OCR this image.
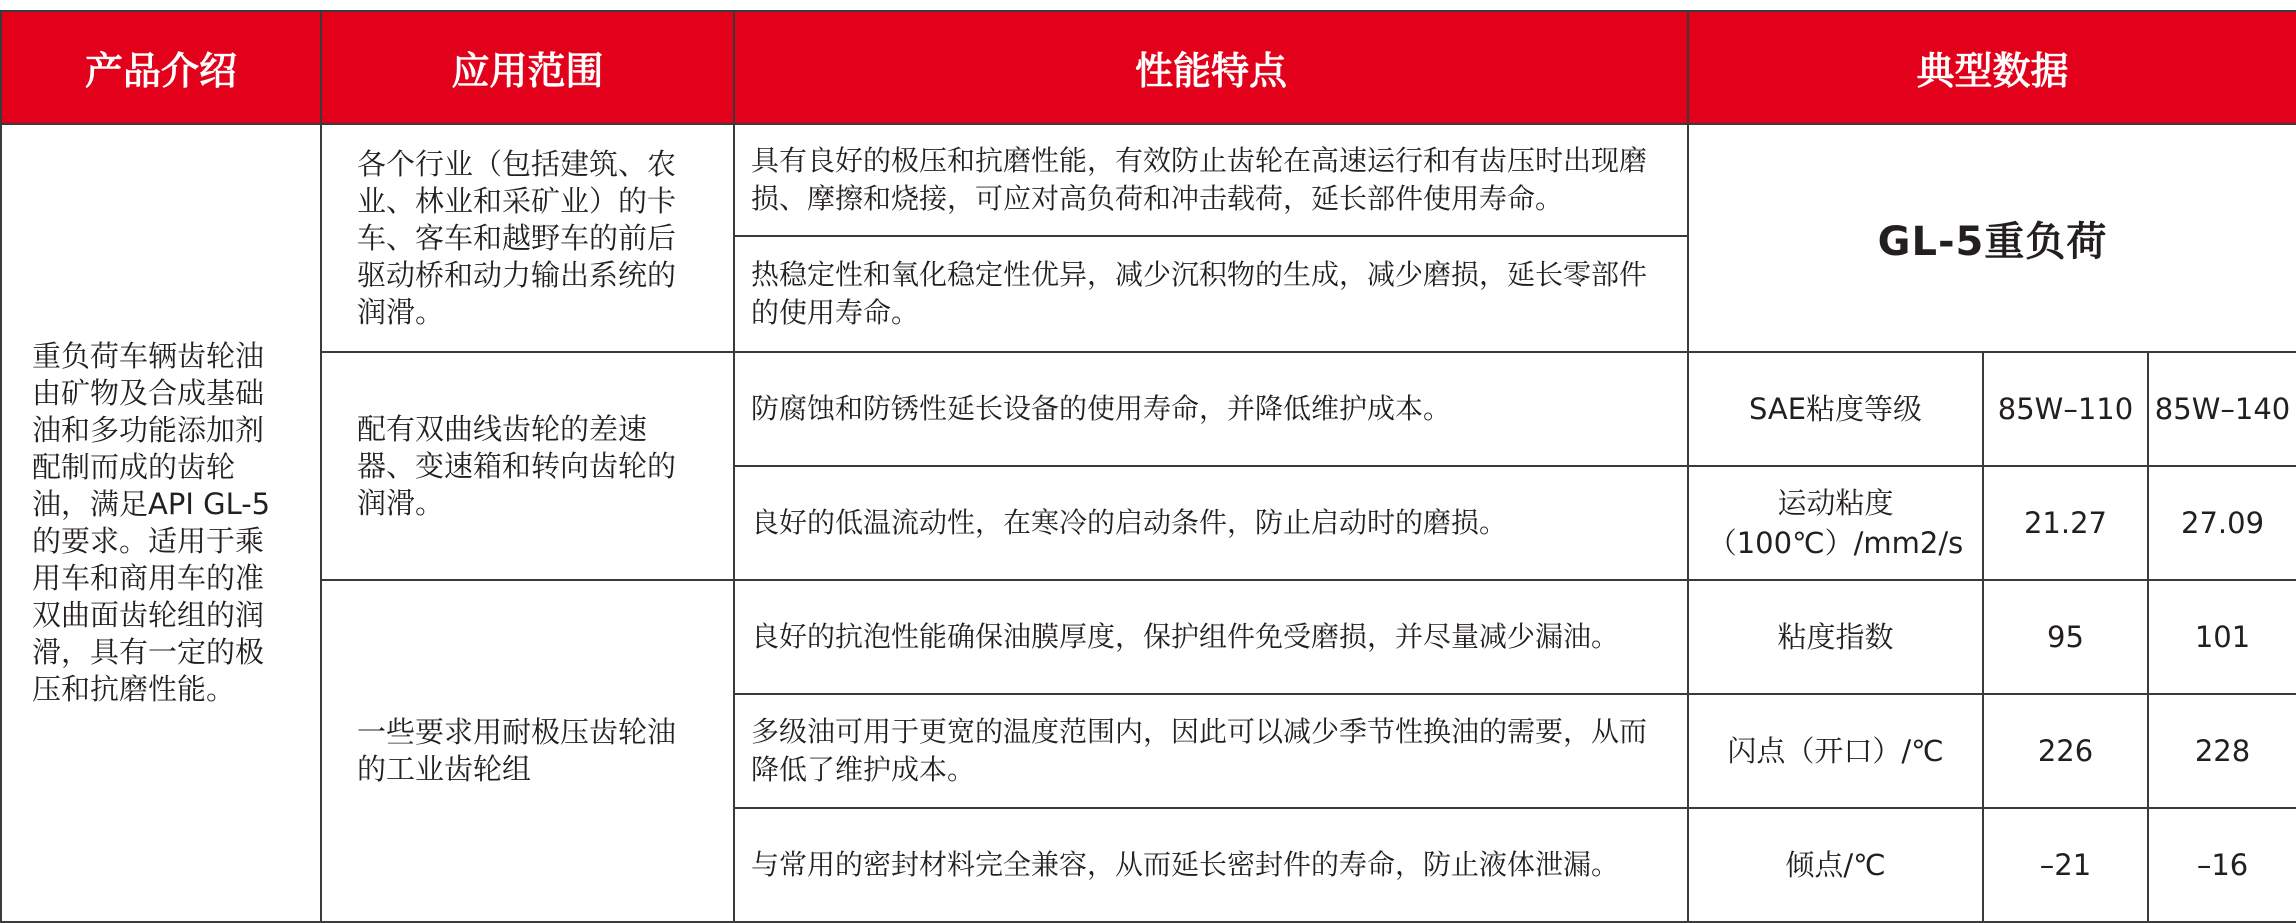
产品介绍	应用范围	性能特点	典型数据		

重负荷车辆齿轮油由矿物及合成基础油和多功能添加剂配制而成的齿轮油，满足API GL-5的要求。适用于乘用车和商用车的准双曲面齿轮组的润滑，具有一定的极压和抗磨性能。	各个行业（包括建筑、农业、林业和采矿业）的卡车、客车和越野车的前后驱动桥和动力输出系统的润滑。	具有良好的极压和抗磨性能，有效防止齿轮在高速运行和有齿压时出现磨损、摩擦和烧接，可应对高负荷和冲击载荷，延长部件使用寿命。	GL-5重负荷		

		热稳定性和氧化稳定性优异，减少沉积物的生成，减少磨损，延长零部件的使用寿命。			

	配有双曲线齿轮的差速器、变速箱和转向齿轮的润滑。	防腐蚀和防锈性延长设备的使用寿命，并降低维护成本。	SAE粘度等级	85W–110	85W–140

		良好的低温流动性，在寒冷的启动条件，防止启动时的磨损。	运动粘度（100℃）/mm2/s	21.27	27.09

	一些要求用耐极压齿轮油的工业齿轮组	良好的抗泡性能确保油膜厚度，保护组件免受磨损，并尽量减少漏油。	粘度指数	95	101

		多级油可用于更宽的温度范围内，因此可以减少季节性换油的需要，从而降低了维护成本。	闪点（开口）/℃	226	228

		与常用的密封材料完全兼容，从而延长密封件的寿命，防止液体泄漏。	倾点/℃	–21	–16
